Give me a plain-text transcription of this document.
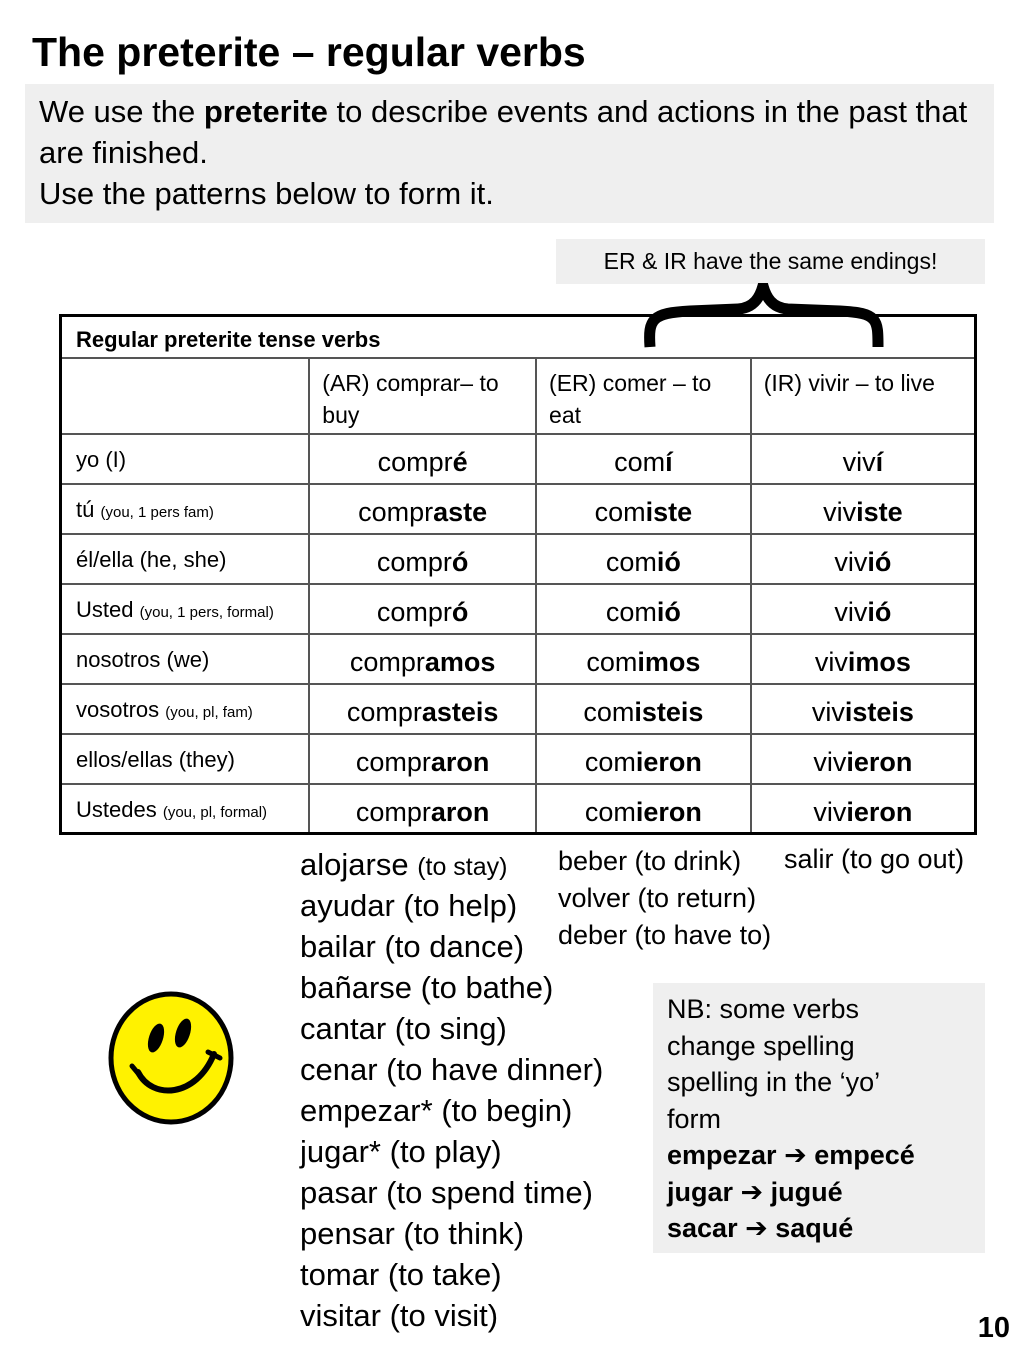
The preterite – regular verbs

We use the preterite to describe events and actions in the past that are finished.

Use the patterns below to form it.

ER & IR have the same endings!
Regular preterite tense verbs			
	(AR) comprar– to buy	(ER) comer – to eat	(IR) vivir – to live
yo (I)	compré	comí	viví
tú (you, 1 pers fam)	compraste	comiste	viviste
él/ella (he, she)	compró	comió	vivió
Usted (you, 1 pers, formal)	compró	comió	vivió
nosotros (we)	compramos	comimos	vivimos
vosotros (you, pl, fam)	comprasteis	comisteis	vivisteis
ellos/ellas (they)	compraron	comieron	vivieron
Ustedes (you, pl, formal)	compraron	comieron	vivieron
alojarse (to stay)
ayudar (to help)
bailar (to dance)
bañarse (to bathe)
cantar (to sing)
cenar (to have dinner)
empezar* (to begin)
jugar* (to play)
pasar (to spend time)
pensar (to think)
tomar (to take)
visitar (to visit)
beber (to drink)
volver (to return)
deber (to have to)
salir (to go out)
NB: some verbs
change spelling
spelling in the ‘yo’
form
empezar ➔ empecé
jugar ➔ jugué
sacar ➔ saqué
10
